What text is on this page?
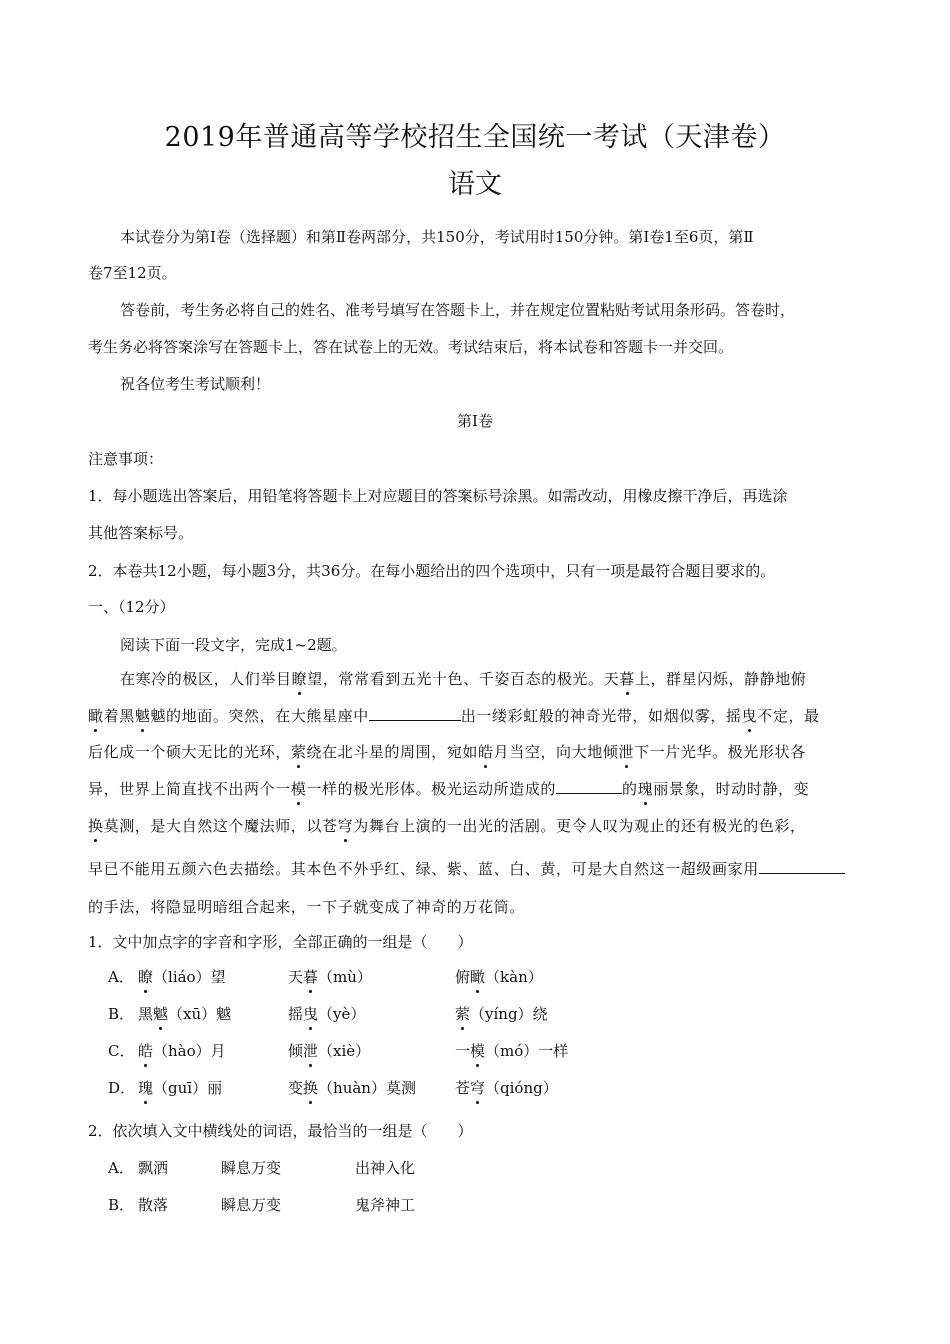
2019年普通高等学校招生全国统一考试（天津卷）
语文
本试卷分为第Ⅰ卷（选择题）和第Ⅱ卷两部分，共150分，考试用时150分钟。第Ⅰ卷1至6页，第Ⅱ
卷7至12页。
答卷前，考生务必将自己的姓名、准考号填写在答题卡上，并在规定位置粘贴考试用条形码。答卷时，
考生务必将答案涂写在答题卡上，答在试卷上的无效。考试结束后，将本试卷和答题卡一并交回。
祝各位考生考试顺利！
第Ⅰ卷
注意事项：
1．每小题选出答案后，用铅笔将答题卡上对应题目的答案标号涂黑。如需改动，用橡皮擦干净后，再选涂
其他答案标号。
2．本卷共12小题，每小题3分，共36分。在每小题给出的四个选项中，只有一项是最符合题目要求的。
一、（12分）
阅读下面一段文字，完成1~2题。
在寒冷的极区，人们举目瞭望，常常看到五光十色、千姿百态的极光。天暮上，群星闪烁，静静地俯
瞰着黑魆魆的地面。突然，在大熊星座中	出一缕彩虹般的神奇光带，如烟似雾，摇曳不定，最
后化成一个硕大无比的光环，萦绕在北斗星的周围，宛如皓月当空，向大地倾泄下一片光华。极光形状各
异，世界上简直找不出两个一模一样的极光形体。极光运动所造成的	的瑰丽景象，时动时静，变
换莫测，是大自然这个魔法师，以苍穹为舞台上演的一出光的活剧。更令人叹为观止的还有极光的色彩，
早已不能用五颜六色去描绘。其本色不外乎红、绿、紫、蓝、白、黄，可是大自然这一超级画家用
的手法，将隐显明暗组合起来，一下子就变成了神奇的万花筒。
1．文中加点字的字音和字形，全部正确的一组是（　　）
A． 瞭（liáo）望	天暮（mù）	俯瞰（kàn）
B． 黑魆（xū）魆	摇曳（yè）	萦（yíng）绕
C． 皓（hào）月	倾泄（xiè）	一模（mó）一样
D． 瑰（guī）丽	变换（huàn）莫测	苍穹（qióng）
2．依次填入文中横线处的词语，最恰当的一组是（　　）
A． 飘洒	瞬息万变	出神入化
B． 散落	瞬息万变	鬼斧神工
